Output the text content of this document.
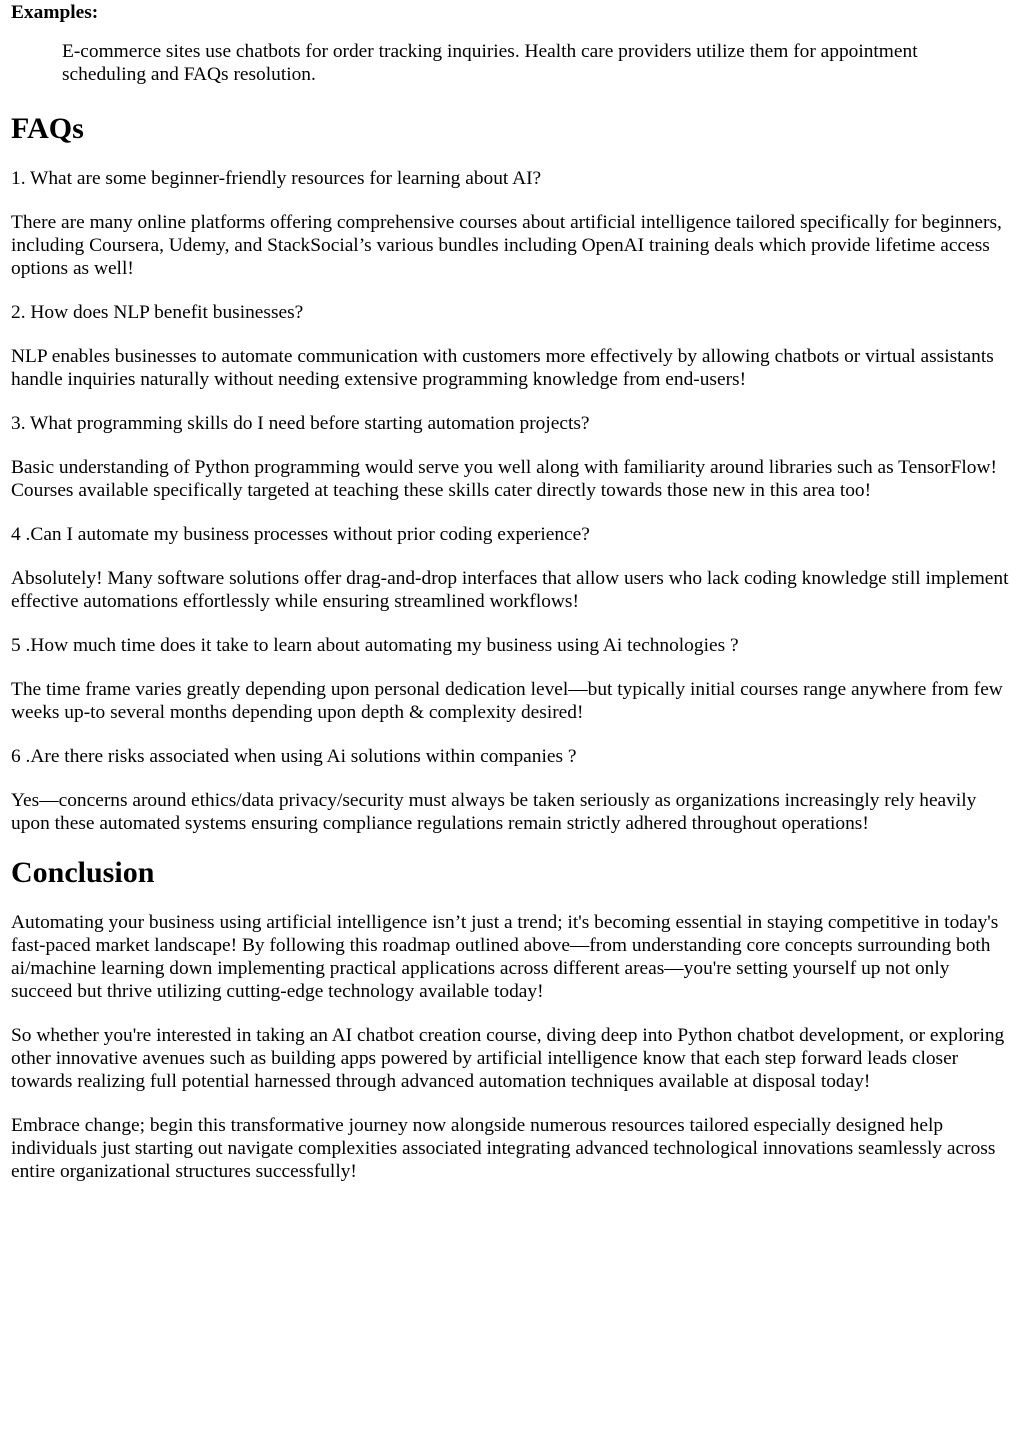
Examples:

E-commerce sites use chatbots for order tracking inquiries. Health care providers utilize them for appointment scheduling and FAQs resolution.
FAQs

1. What are some beginner-friendly resources for learning about AI?

There are many online platforms offering comprehensive courses about artificial intelligence tailored specifically for beginners, including Coursera, Udemy, and StackSocial’s various bundles including OpenAI training deals which provide lifetime access options as well!

2. How does NLP benefit businesses?

NLP enables businesses to automate communication with customers more effectively by allowing chatbots or virtual assistants handle inquiries naturally without needing extensive programming knowledge from end-users!

3. What programming skills do I need before starting automation projects?

Basic understanding of Python programming would serve you well along with familiarity around libraries such as TensorFlow! Courses available specifically targeted at teaching these skills cater directly towards those new in this area too!

4 .Can I automate my business processes without prior coding experience?

Absolutely! Many software solutions offer drag-and-drop interfaces that allow users who lack coding knowledge still implement effective automations effortlessly while ensuring streamlined workflows!

5 .How much time does it take to learn about automating my business using Ai technologies ?

The time frame varies greatly depending upon personal dedication level—but typically initial courses range anywhere from few weeks up-to several months depending upon depth & complexity desired!

6 .Are there risks associated when using Ai solutions within companies ?

Yes—concerns around ethics/data privacy/security must always be taken seriously as organizations increasingly rely heavily upon these automated systems ensuring compliance regulations remain strictly adhered throughout operations!

Conclusion

Automating your business using artificial intelligence isn’t just a trend; it's becoming essential in staying competitive in today's fast-paced market landscape! By following this roadmap outlined above—from understanding core concepts surrounding both ai/machine learning down implementing practical applications across different areas—you're setting yourself up not only succeed but thrive utilizing cutting-edge technology available today!

So whether you're interested in taking an AI chatbot creation course, diving deep into Python chatbot development, or exploring other innovative avenues such as building apps powered by artificial intelligence know that each step forward leads closer towards realizing full potential harnessed through advanced automation techniques available at disposal today!

Embrace change; begin this transformative journey now alongside numerous resources tailored especially designed help individuals just starting out navigate complexities associated integrating advanced technological innovations seamlessly across entire organizational structures successfully!
